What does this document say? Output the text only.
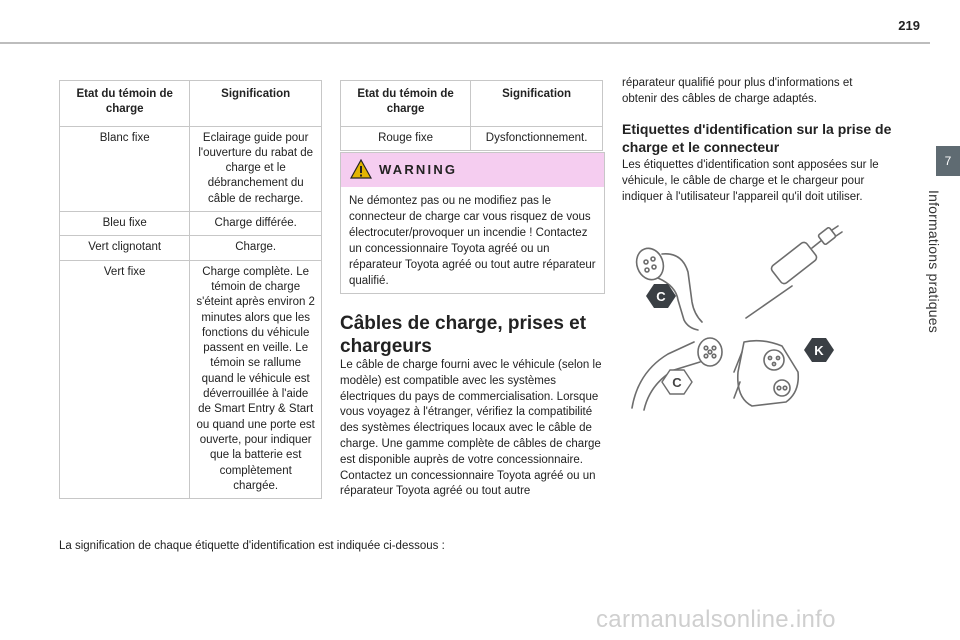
219
7
Informations pratiques
Etat du témoin de charge	Signification
Blanc fixe	Eclairage guide pour l'ouverture du rabat de charge et le débranchement du câble de recharge.
Bleu fixe	Charge différée.
Vert clignotant	Charge.
Vert fixe	Charge complète. Le témoin de charge s'éteint après environ 2 minutes alors que les fonctions du véhicule passent en veille. Le témoin se rallume quand le véhicule est déverrouillée à l'aide de Smart Entry & Start ou quand une porte est ouverte, pour indiquer que la batterie est complètement chargée.
Etat du témoin de charge	Signification
Rouge fixe	Dysfonctionnement.
WARNING
Ne démontez pas ou ne modifiez pas le connecteur de charge car vous risquez de vous électrocuter/provoquer un incendie ! Contactez un concessionnaire Toyota agréé ou un réparateur Toyota agréé ou tout autre réparateur qualifié.
Câbles de charge, prises et chargeurs
Le câble de charge fourni avec le véhicule (selon le modèle) est compatible avec les systèmes électriques du pays de commercialisation. Lorsque vous voyagez à l'étranger, vérifiez la compatibilité des systèmes électriques locaux avec le câble de charge. Une gamme complète de câbles de charge est disponible auprès de votre concessionnaire. Contactez un concessionnaire Toyota agréé ou un réparateur Toyota agréé ou tout autre
réparateur qualifié pour plus d'informations et obtenir des câbles de charge adaptés.
Etiquettes d'identification sur la prise de charge et le connecteur
Les étiquettes d'identification sont apposées sur le véhicule, le câble de charge et le chargeur pour indiquer à l'utilisateur l'appareil qu'il doit utiliser.
C
C
K
La signification de chaque étiquette d'identification est indiquée ci-dessous :
carmanualsonline.info
